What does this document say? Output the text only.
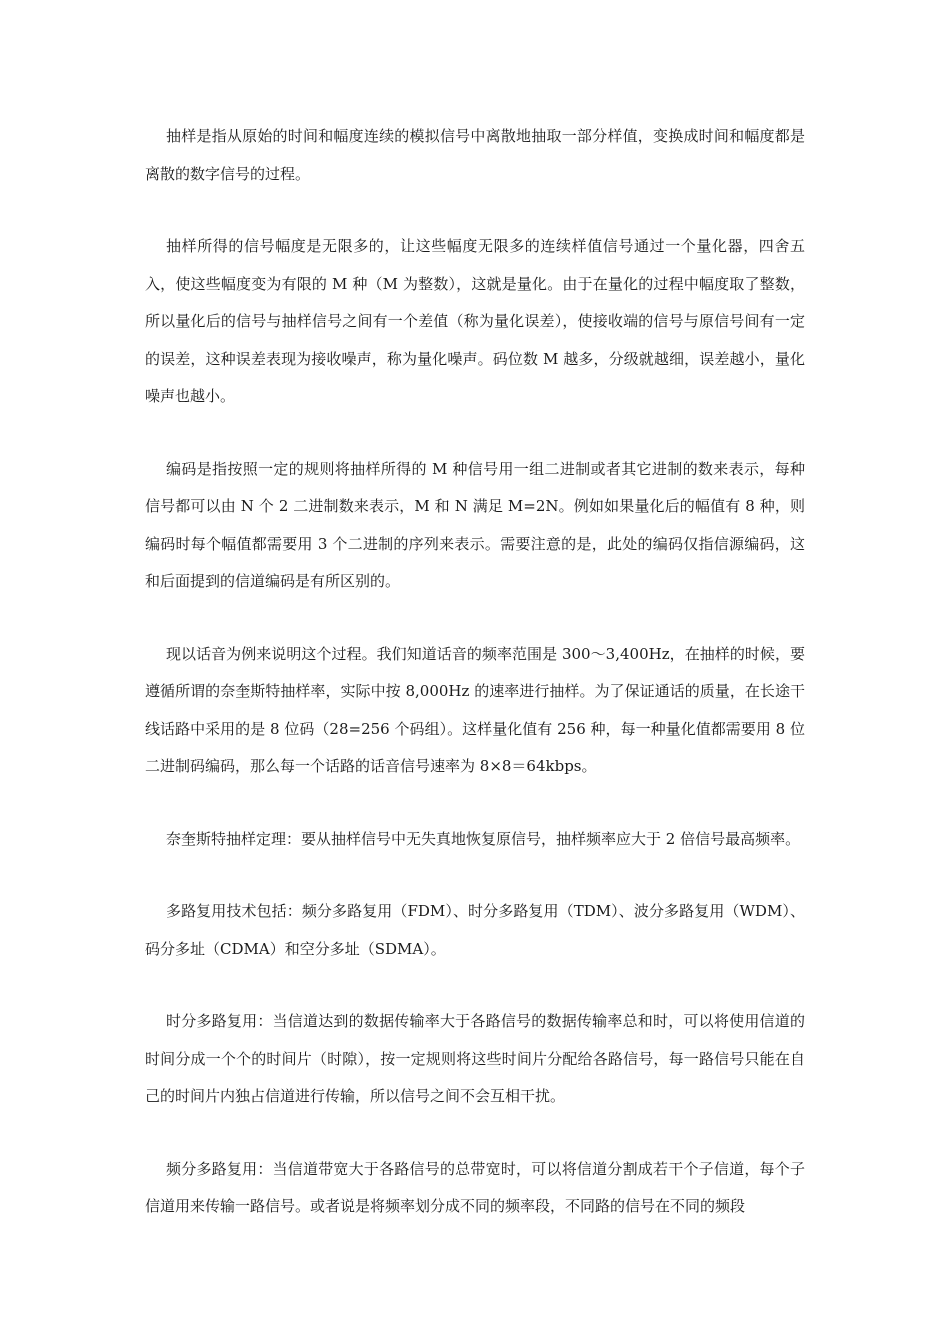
抽样是指从原始的时间和幅度连续的模拟信号中离散地抽取一部分样值，变换成时间和幅度都是离散的数字信号的过程。

抽样所得的信号幅度是无限多的，让这些幅度无限多的连续样值信号通过一个量化器，四舍五入，使这些幅度变为有限的 M 种（M 为整数），这就是量化。由于在量化的过程中幅度取了整数，所以量化后的信号与抽样信号之间有一个差值（称为量化误差），使接收端的信号与原信号间有一定的误差，这种误差表现为接收噪声，称为量化噪声。码位数 M 越多，分级就越细，误差越小，量化噪声也越小。

编码是指按照一定的规则将抽样所得的 M 种信号用一组二进制或者其它进制的数来表示，每种信号都可以由 N 个 2 二进制数来表示，M 和 N 满足 M=2N。例如如果量化后的幅值有 8 种，则编码时每个幅值都需要用 3 个二进制的序列来表示。需要注意的是，此处的编码仅指信源编码，这和后面提到的信道编码是有所区别的。

现以话音为例来说明这个过程。我们知道话音的频率范围是 300～3,400Hz，在抽样的时候，要遵循所谓的奈奎斯特抽样率，实际中按 8,000Hz 的速率进行抽样。为了保证通话的质量，在长途干线话路中采用的是 8 位码（28=256 个码组）。这样量化值有 256 种，每一种量化值都需要用 8 位二进制码编码，那么每一个话路的话音信号速率为 8×8＝64kbps。

奈奎斯特抽样定理：要从抽样信号中无失真地恢复原信号，抽样频率应大于 2 倍信号最高频率。

多路复用技术包括：频分多路复用（FDM）、时分多路复用（TDM）、波分多路复用（WDM）、码分多址（CDMA）和空分多址（SDMA）。

时分多路复用：当信道达到的数据传输率大于各路信号的数据传输率总和时，可以将使用信道的时间分成一个个的时间片（时隙），按一定规则将这些时间片分配给各路信号，每一路信号只能在自己的时间片内独占信道进行传输，所以信号之间不会互相干扰。

频分多路复用：当信道带宽大于各路信号的总带宽时，可以将信道分割成若干个子信道，每个子信道用来传输一路信号。或者说是将频率划分成不同的频率段，不同路的信号在不同的频段
